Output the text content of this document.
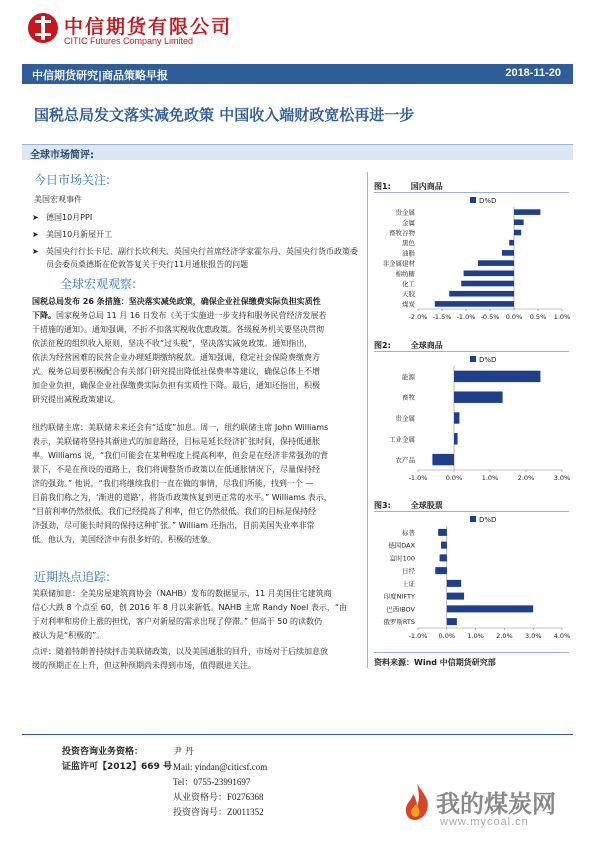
中信期货有限公司
CITIC Futures Company Limited
中信期货研究|商品策略早报	2018-11-20
国税总局发文落实减免政策 中国收入端财政宽松再进一步
全球市场简评:
今日市场关注:
美国宏观事件
➤ 德国10月PPI
➤ 美国10月新屋开工
➤ 英国央行行长卡尼、副行长坎利夫、英国央行首席经济学家霍尔丹、英国央行货币政策委员会委员桑德斯在伦敦答复关于央行11月通胀报告的问题
全球宏观观察:
国税总局发布 26 条措施：坚决落实减免政策，确保企业社保缴费实际负担实质性
下降。国家税务总局 11 月 16 日发布《关于实施进一步支持和服务民营经济发展若
干措施的通知》。通知强调，不折不扣落实税收优惠政策。各级税务机关要坚决贯彻
依法征税的组织收入原则，坚决不收“过头税”，坚决落实减免政策。通知指出，
依法为经营困难的民营企业办理延期缴纳税款。通知强调，稳定社会保险费缴费方
式。税务总局要积极配合有关部门研究提出降低社保费率等建议，确保总体上不增
加企业负担，确保企业社保缴费实际负担有实质性下降。最后，通知还指出，积极
研究提出减税政策建议。
纽约联储主席：美联储未来还会有“适度”加息。周一，纽约联储主席 John Williams
表示，美联储将坚持其渐进式的加息路径，目标是延长经济扩张时间，保持低通胀
率。Williams 说，“我们可能会在某种程度上提高利率，但会是在经济非常强劲的背
景下，不是在预设的道路上，我们将调整货币政策以在低通胀情况下，尽量保持经
济的强劲。” 他说，“我们将继续我们一直在做的事情，尽我们所能，找到一个 —
目前我们称之为，‘渐进的道路’，将货币政策恢复到更正常的水平。” Williams 表示，
“目前利率仍然很低。我们已经提高了利率，但它仍然很低。我们的目标是保持经
济强劲，尽可能长时间的保持这种扩张。” William 还指出，目前美国失业率非常
低。他认为，美国经济中有很多好的、积极的迹象。
近期热点追踪:
美联储加息：全美房屋建筑商协会（NAHB）发布的数据显示，11 月美国住宅建筑商
信心大跌 8 个点至 60，创 2016 年 8 月以来新低。NAHB 主席 Randy Noel 表示，“由
于对利率和房价上涨的担忧，客户对新屋的需求出现了停滞。” 但高于 50 的读数仍
被认为是“积极的”。
点评：随着特朗普持续抨击美联储政策，以及美国通胀的回升，市场对于后续加息放
缓的预期正在上升，但这种预期尚未得到市场，值得跟进关注。
图1:	国内商品
D%D
-2.0% -1.5% -1.0% -0.5% 0.0% 0.5% 1.0%
贵金属
金属
畜牧谷物
黑色
油脂
非金属建材
棉纺糖
化工
天胶
煤炭
图2:	全球商品
D%D
-1.0%	0.0%	1.0%	2.0%	3.0%
能源
畜牧
贵金属
工业金属
农产品
图3:	全球股票
D%D
-1.0% 0.0% 1.0% 2.0% 3.0% 4.0%
标普
德国DAX
富时100
日经
上证
印度NIFTY
巴西IBOV
俄罗斯RTS
资料来源：Wind 中信期货研究部
投资咨询业务资格：
证监许可【2012】669 号
尹 丹
Mail: yindan@citicsf.com
Tel：0755-23991697
从业资格号：F0276368
投资咨询号：Z0011352	我的煤炭网
www.mycoal.cn
